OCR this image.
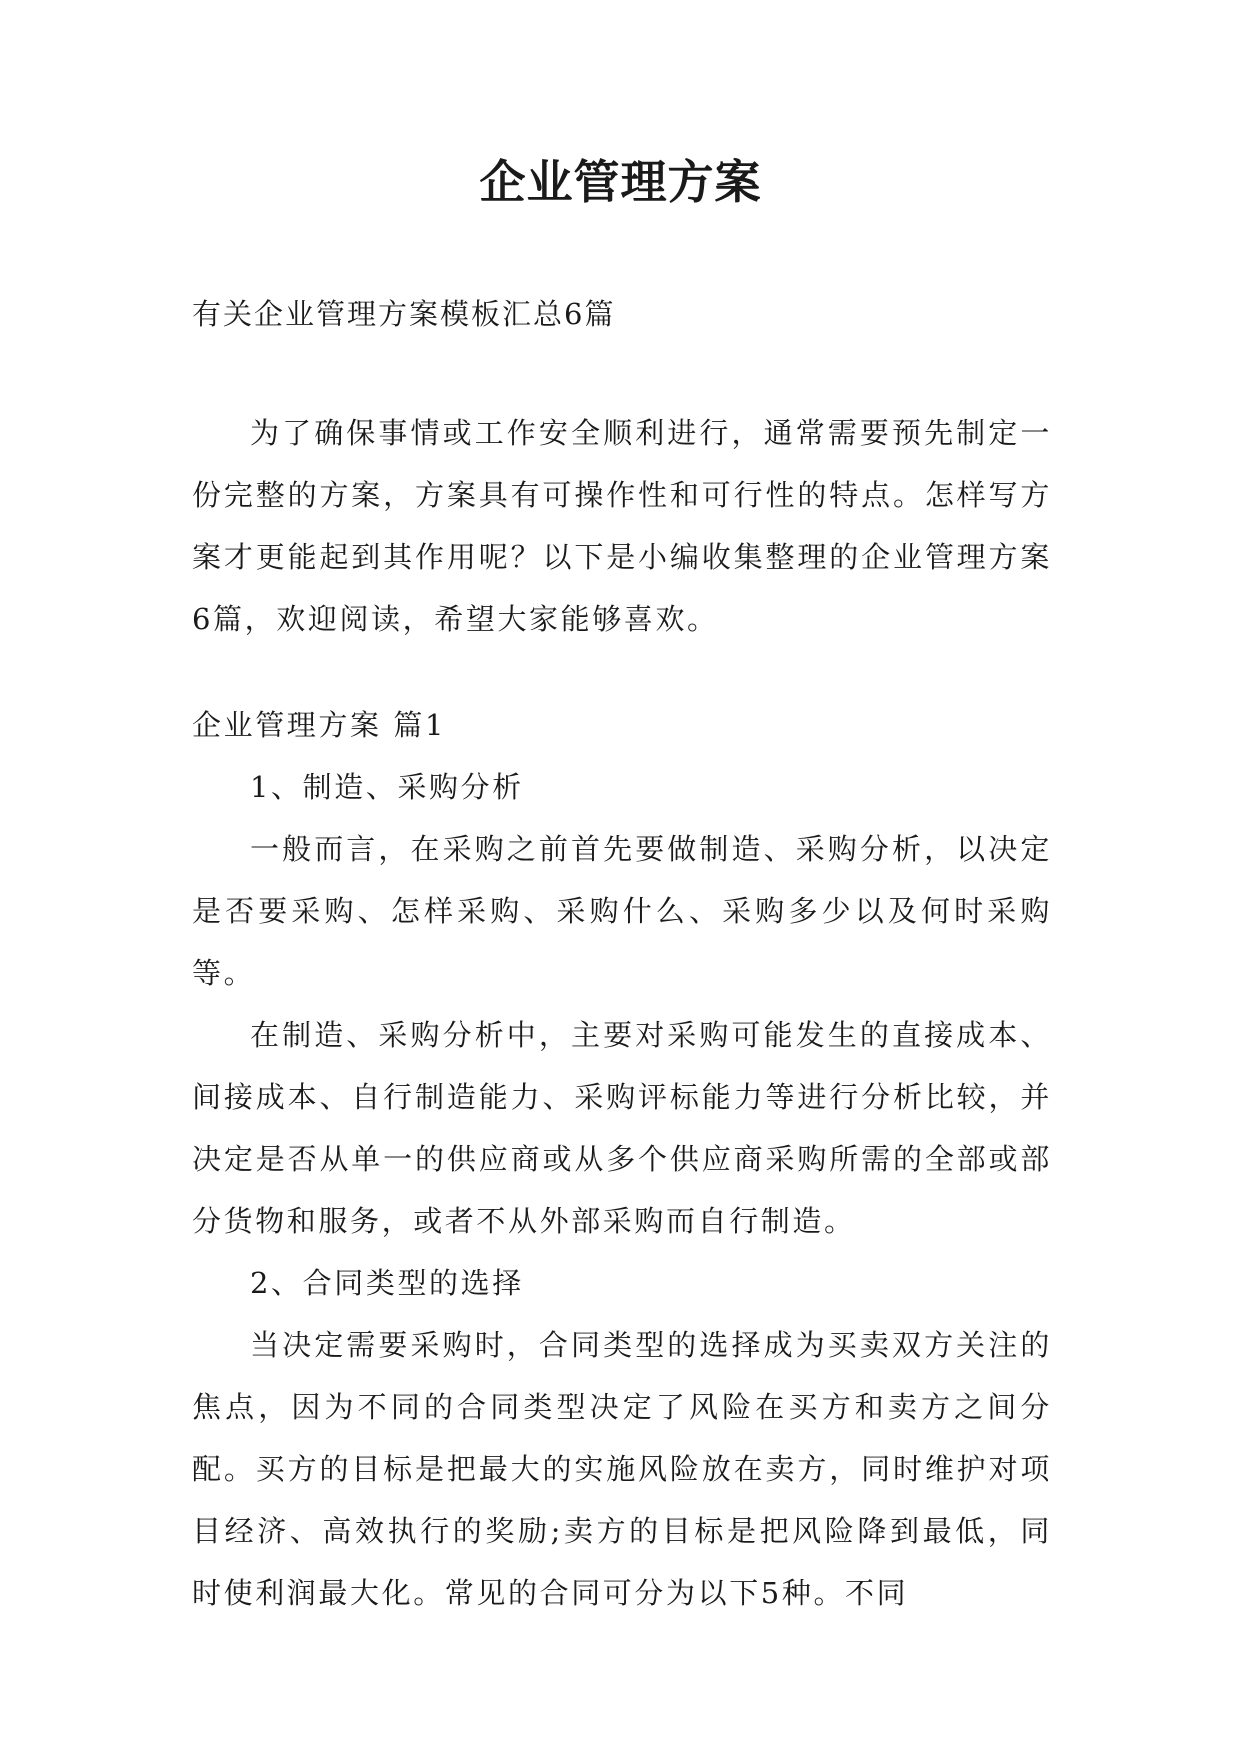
企业管理方案
有关企业管理方案模板汇总6篇

为了确保事情或工作安全顺利进行，通常需要预先制定一份完整的方案，方案具有可操作性和可行性的特点。怎样写方案才更能起到其作用呢？以下是小编收集整理的企业管理方案6篇，欢迎阅读，希望大家能够喜欢。

企业管理方案 篇1

1、制造、采购分析

一般而言，在采购之前首先要做制造、采购分析，以决定是否要采购、怎样采购、采购什么、采购多少以及何时采购等。

在制造、采购分析中，主要对采购可能发生的直接成本、间接成本、自行制造能力、采购评标能力等进行分析比较，并决定是否从单一的供应商或从多个供应商采购所需的全部或部分货物和服务，或者不从外部采购而自行制造。

2、合同类型的选择

当决定需要采购时，合同类型的选择成为买卖双方关注的焦点，因为不同的合同类型决定了风险在买方和卖方之间分配。买方的目标是把最大的实施风险放在卖方，同时维护对项目经济、高效执行的奖励;卖方的目标是把风险降到最低，同时使利润最大化。常见的合同可分为以下5种。不同
